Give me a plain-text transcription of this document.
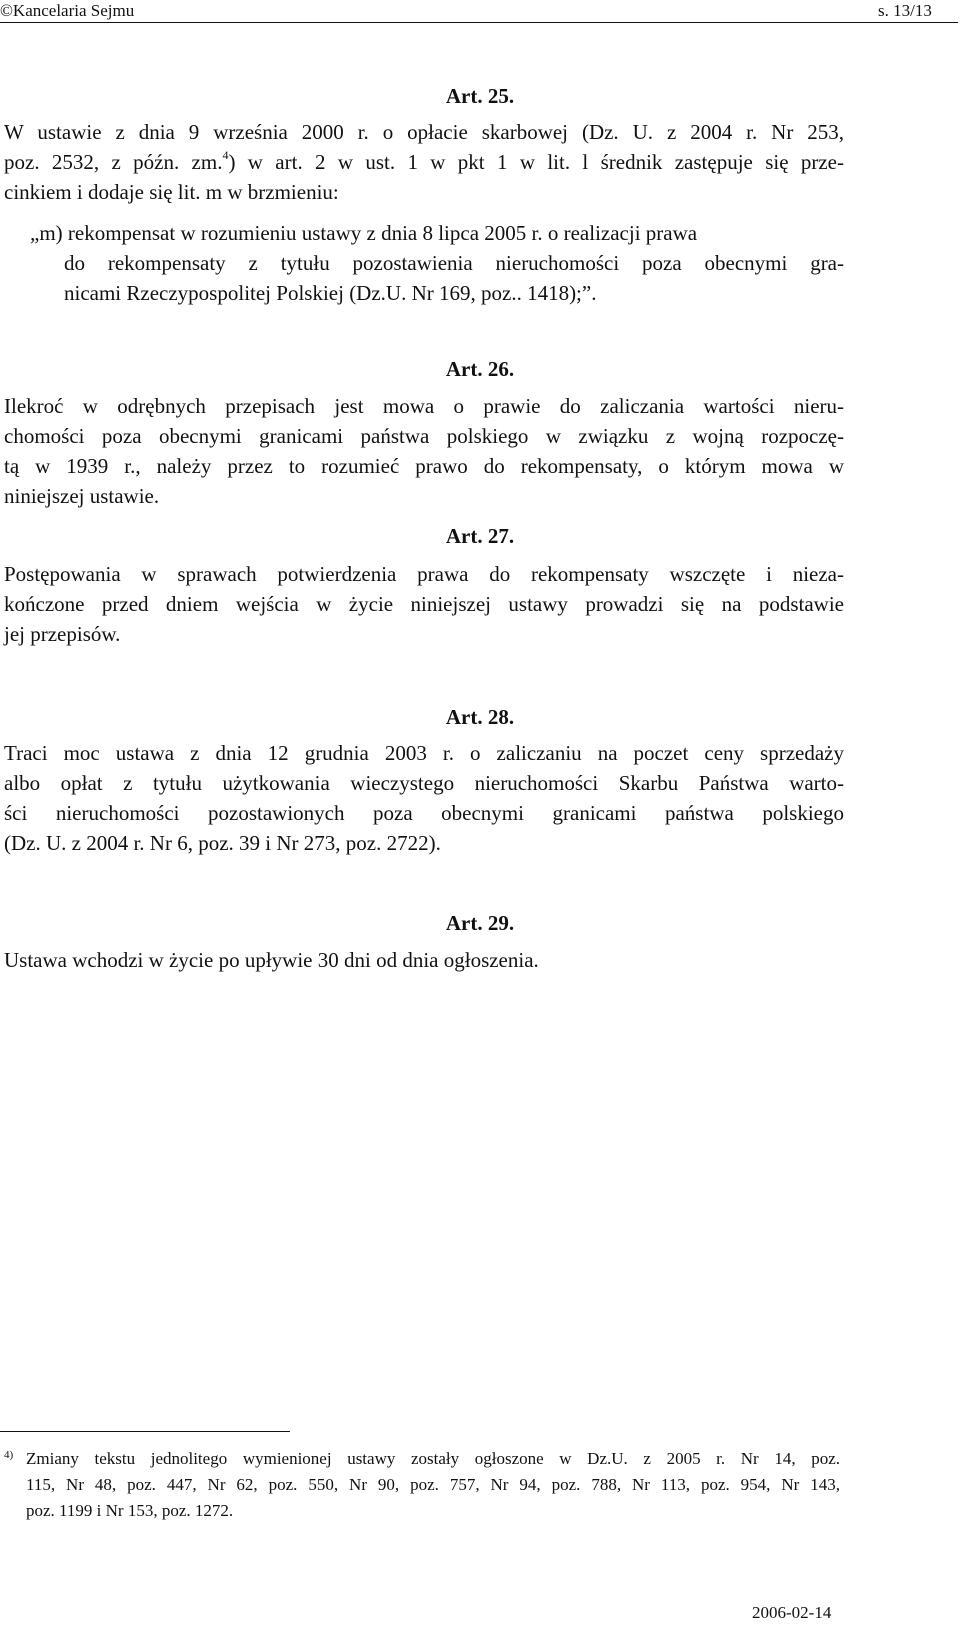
©Kancelaria Sejmu	s. 13/13
Art. 25.
W ustawie z dnia 9 września 2000 r. o opłacie skarbowej (Dz. U. z 2004 r. Nr 253,
poz. 2532, z późn. zm.$^4$) w art. 2 w ust. 1 w pkt 1 w lit. l średnik zastępuje się prze-
cinkiem i dodaje się lit. m w brzmieniu:
„m) rekompensat w rozumieniu ustawy z dnia 8 lipca 2005 r. o realizacji prawa
do rekompensaty z tytułu pozostawienia nieruchomości poza obecnymi gra-
nicami Rzeczypospolitej Polskiej (Dz.U. Nr 169, poz.. 1418);”.
Art. 26.
Ilekroć w odrębnych przepisach jest mowa o prawie do zaliczania wartości nieru-
chomości poza obecnymi granicami państwa polskiego w związku z wojną rozpoczę-
tą w 1939 r., należy przez to rozumieć prawo do rekompensaty, o którym mowa w
niniejszej ustawie.
Art. 27.
Postępowania w sprawach potwierdzenia prawa do rekompensaty wszczęte i nieza-
kończone przed dniem wejścia w życie niniejszej ustawy prowadzi się na podstawie
jej przepisów.
Art. 28.
Traci moc ustawa z dnia 12 grudnia 2003 r. o zaliczaniu na poczet ceny sprzedaży
albo opłat z tytułu użytkowania wieczystego nieruchomości Skarbu Państwa warto-
ści nieruchomości pozostawionych poza obecnymi granicami państwa polskiego
(Dz. U. z 2004 r. Nr 6, poz. 39 i Nr 273, poz. 2722).
Art. 29.
Ustawa wchodzi w życie po upływie 30 dni od dnia ogłoszenia.
4) Zmiany tekstu jednolitego wymienionej ustawy zostały ogłoszone w Dz.U. z 2005 r. Nr 14, poz.
115, Nr 48, poz. 447, Nr 62, poz. 550, Nr 90, poz. 757, Nr 94, poz. 788, Nr 113, poz. 954, Nr 143,
poz. 1199 i Nr 153, poz. 1272.
2006-02-14
